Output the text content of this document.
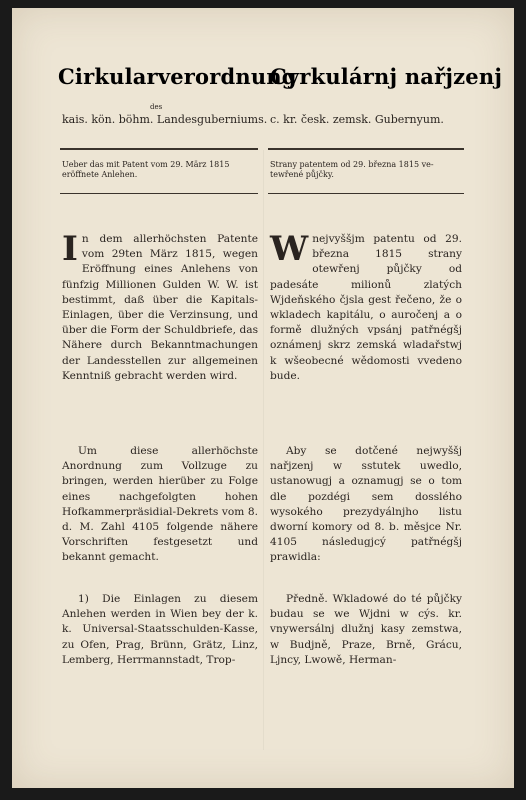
Cirkularverordnung
Cyrkulárnj nařjzenj
des
kais. kön. böhm. Landesguberniums. c. kr. česk. zemsk. Gubernyum.
Ueber das mit Patent vom 29. März 1815 eröffnete Anlehen.
Strany patentem od 29. března 1815 ve-tewřené půjčky.
In dem allerhöchsten Patente vom 29ten März 1815, wegen Eröffnung eines Anlehens von fünfzig Millionen Gulden W. W. ist bestimmt, daß über die Kapitals-Einlagen, über die Verzinsung, und über die Form der Schuldbriefe, das Nähere durch Bekanntmachungen der Landesstellen zur allgemeinen Kenntniß gebracht werden wird.
Wnejvyššjm patentu od 29. března 1815 strany otewřenj půjčky od padesáte milionů zlatých Wjdeňského čjsla gest řečeno, že o wkladech kapitálu, o auročenj a o formě dlužných vpsánj patřnégšj oznámenj skrz zemská wladařstwj k wšeobecné wědomosti vvedeno bude.
Um diese allerhöchste Anordnung zum Vollzuge zu bringen, werden hierüber zu Folge eines nachgefolgten hohen Hofkammerpräsidial-Dekrets vom 8. d. M. Zahl 4105 folgende nähere Vorschriften festgesetzt und bekannt gemacht.
Aby se dotčené nejwyššj nařjzenj w sstutek uwedlo, ustanowugj a oznamugj se o tom dle pozdégi sem dosslého wysokého prezydyálnjho listu dworní komory od 8. b. měsjce Nr. 4105 následugjcý patřnégšj prawidla:
1) Die Einlagen zu diesem Anlehen werden in Wien bey der k. k. Universal-Staatsschulden-Kasse, zu Ofen, Prag, Brünn, Grätz, Linz, Lemberg, Herrmannstadt, Trop-
Předně. Wkladowé do té půjčky budau se we Wjdni w cýs. kr. vnywersálnj dlužnj kasy zemstwa, w Budjně, Praze, Brně, Grácu, Ljncy, Lwowě, Herman-
